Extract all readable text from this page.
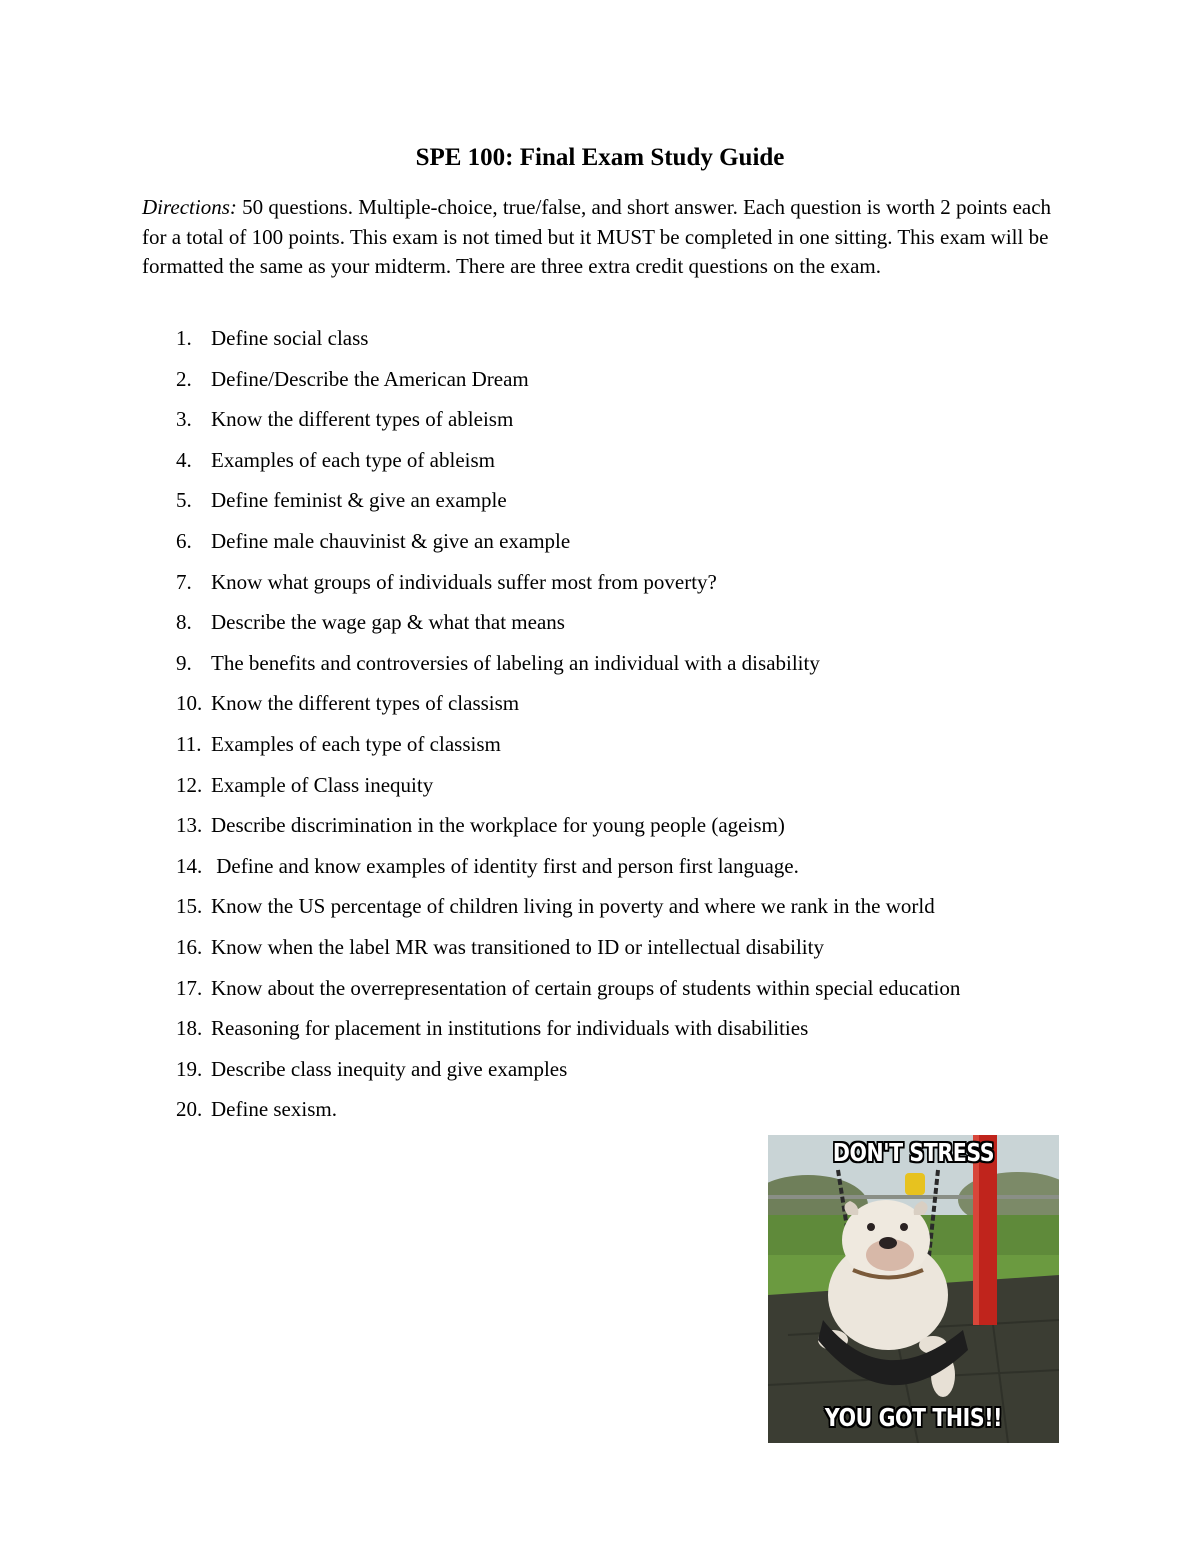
SPE 100: Final Exam Study Guide

Directions: 50 questions. Multiple-choice, true/false, and short answer. Each question is worth 2 points each for a total of 100 points. This exam is not timed but it MUST be completed in one sitting. This exam will be formatted the same as your midterm. There are three extra credit questions on the exam.

1. Define social class
2. Define/Describe the American Dream
3. Know the different types of ableism
4. Examples of each type of ableism
5. Define feminist & give an example
6. Define male chauvinist & give an example
7. Know what groups of individuals suffer most from poverty?
8. Describe the wage gap & what that means
9. The benefits and controversies of labeling an individual with a disability
10. Know the different types of classism
11. Examples of each type of classism
12. Example of Class inequity
13. Describe discrimination in the workplace for young people (ageism)
14. Define and know examples of identity first and person first language.
15. Know the US percentage of children living in poverty and where we rank in the world
16. Know when the label MR was transitioned to ID or intellectual disability
17. Know about the overrepresentation of certain groups of students within special education
18. Reasoning for placement in institutions for individuals with disabilities
19. Describe class inequity and give examples
20. Define sexism.
DON'T STRESS
YOU GOT THIS!!
